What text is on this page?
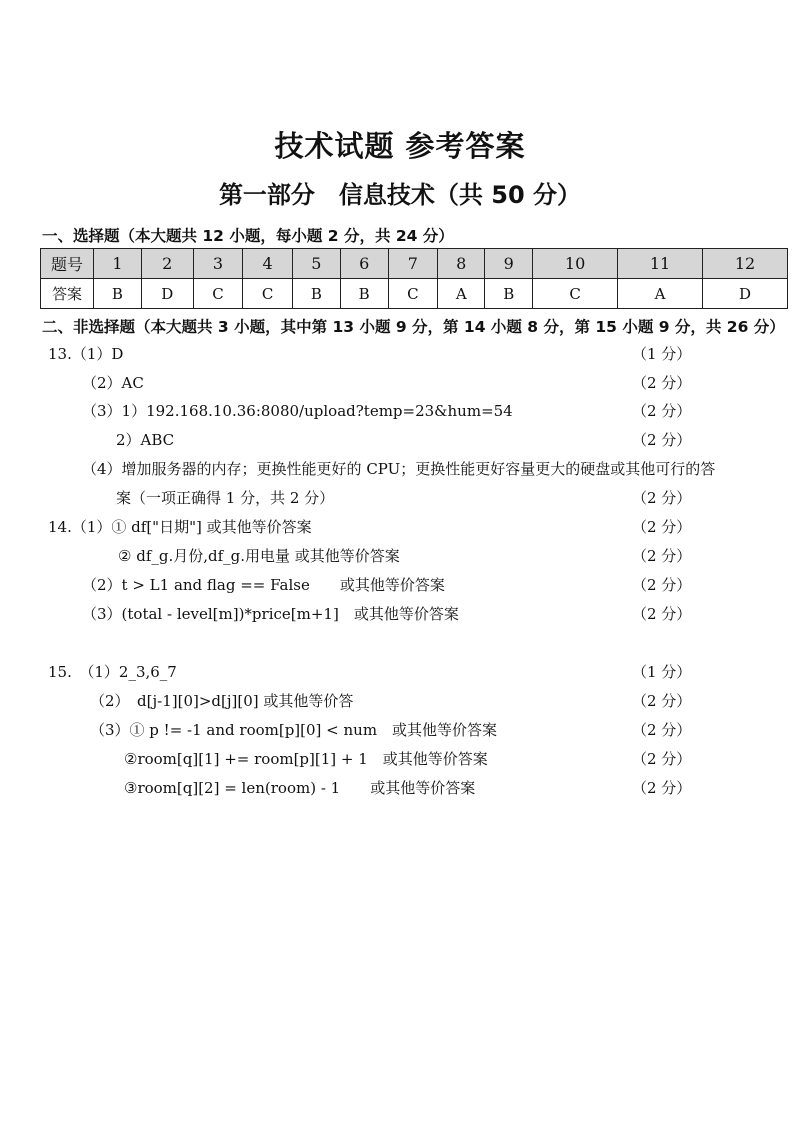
技术试题 参考答案
第一部分　信息技术（共 50 分）
一、选择题（本大题共 12 小题，每小题 2 分，共 24 分）
题号	1	2	3	4	5	6	7	8	9	10	11	12
答案	B	D	C	C	B	B	C	A	B	C	A	D
二、非选择题（本大题共 3 小题，其中第 13 小题 9 分，第 14 小题 8 分，第 15 小题 9 分，共 26 分）
13.（1）D	（1 分）
（2）AC	（2 分）
（3）1）192.168.10.36:8080/upload?temp=23&hum=54	（2 分）
2）ABC	（2 分）
（4）增加服务器的内存；更换性能更好的 CPU；更换性能更好容量更大的硬盘或其他可行的答
案（一项正确得 1 分，共 2 分）	（2 分）
14.（1）① df["日期"] 或其他等价答案	（2 分）
② df_g.月份,df_g.用电量 或其他等价答案	（2 分）
（2）t > L1 and flag == False　　或其他等价答案	（2 分）
（3）(total - level[m])*price[m+1]　或其他等价答案	（2 分）
15.　（1）2_3,6_7	（1 分）
（2）　d[j-1][0]>d[j][0] 或其他等价答	（2 分）
（3）① p != -1 and room[p][0] < num　或其他等价答案	（2 分）
②room[q][1] += room[p][1] + 1　或其他等价答案	（2 分）
③room[q][2] = len(room) - 1　　或其他等价答案	（2 分）
